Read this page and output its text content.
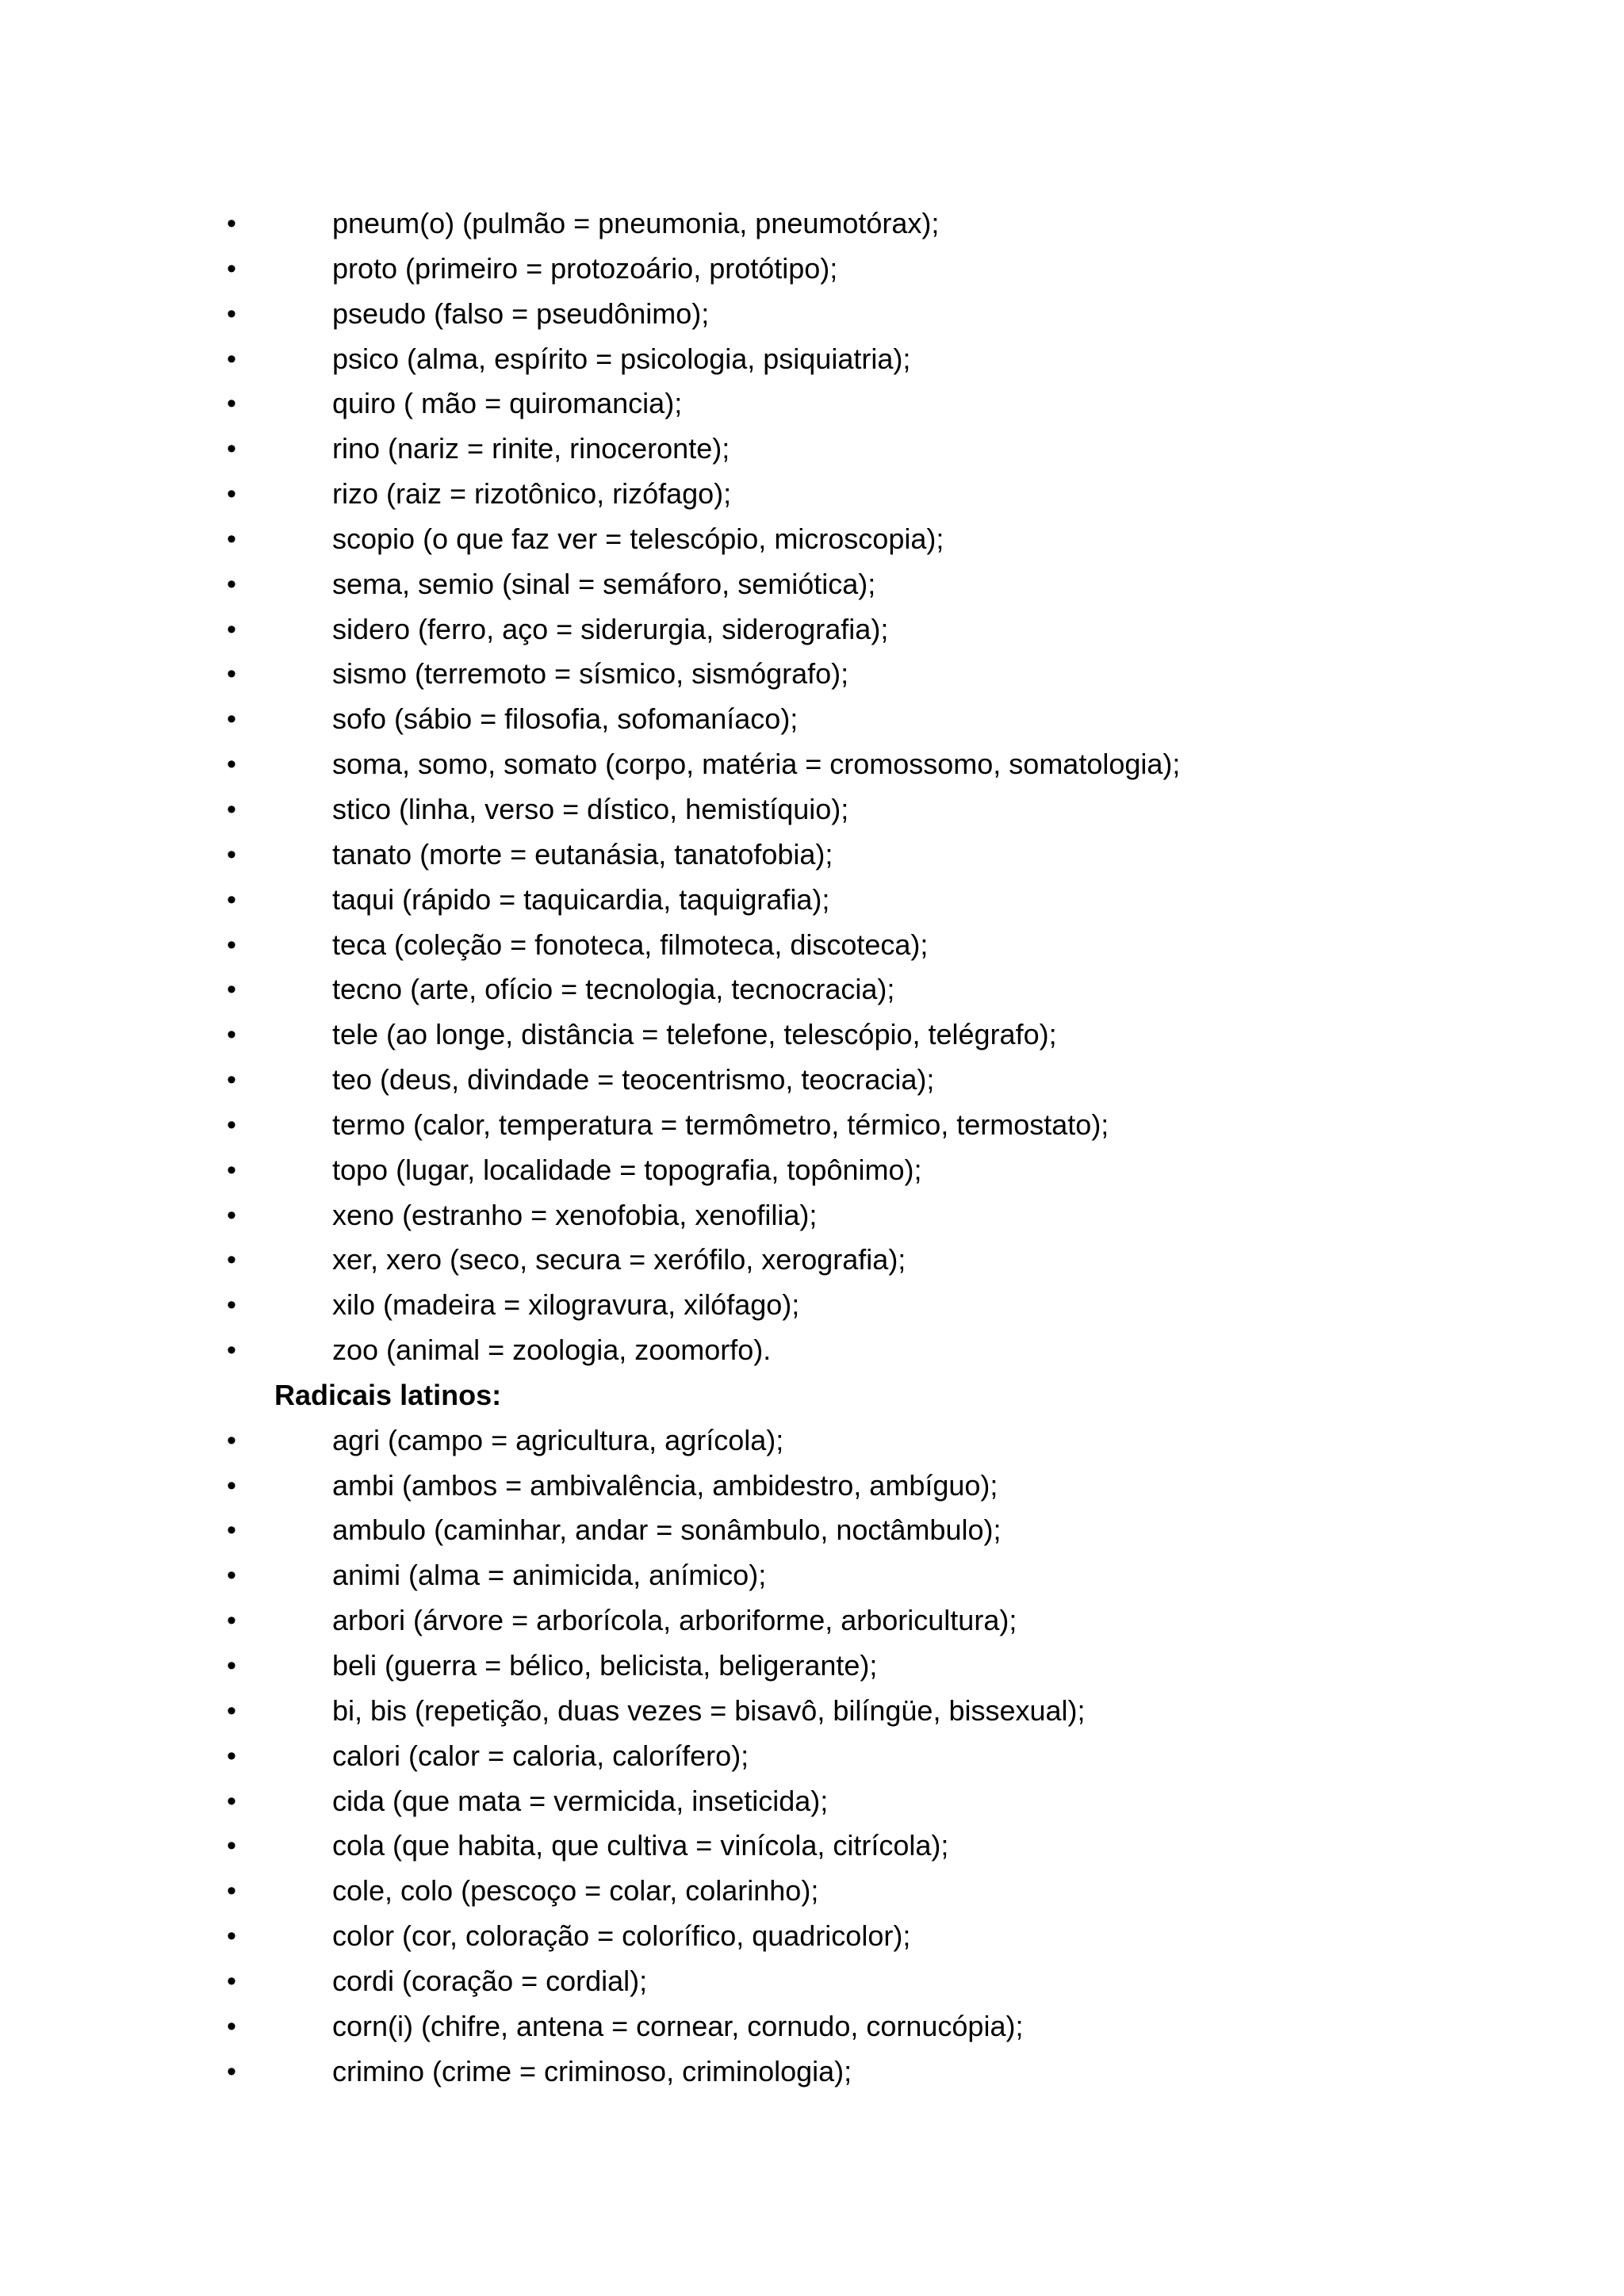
•	pneum(o) (pulmão = pneumonia, pneumotórax);
•	proto (primeiro = protozoário, protótipo);
•	pseudo (falso = pseudônimo);
•	psico (alma, espírito = psicologia, psiquiatria);
•	quiro ( mão = quiromancia);
•	rino (nariz = rinite, rinoceronte);
•	rizo (raiz = rizotônico, rizófago);
•	scopio (o que faz ver = telescópio, microscopia);
•	sema, semio (sinal = semáforo, semiótica);
•	sidero (ferro, aço = siderurgia, siderografia);
•	sismo (terremoto = sísmico, sismógrafo);
•	sofo (sábio = filosofia, sofomaníaco);
•	soma, somo, somato (corpo, matéria = cromossomo, somatologia);
•	stico (linha, verso = dístico, hemistíquio);
•	tanato (morte = eutanásia, tanatofobia);
•	taqui (rápido = taquicardia, taquigrafia);
•	teca (coleção = fonoteca, filmoteca, discoteca);
•	tecno (arte, ofício = tecnologia, tecnocracia);
•	tele (ao longe, distância = telefone, telescópio, telégrafo);
•	teo (deus, divindade = teocentrismo, teocracia);
•	termo (calor, temperatura = termômetro, térmico, termostato);
•	topo (lugar, localidade = topografia, topônimo);
•	xeno (estranho = xenofobia, xenofilia);
•	xer, xero (seco, secura = xerófilo, xerografia);
•	xilo (madeira = xilogravura, xilófago);
•	zoo (animal = zoologia, zoomorfo).
Radicais latinos:
•	agri (campo = agricultura, agrícola);
•	ambi (ambos = ambivalência, ambidestro, ambíguo);
•	ambulo (caminhar, andar = sonâmbulo, noctâmbulo);
•	animi (alma = animicida, anímico);
•	arbori (árvore = arborícola, arboriforme, arboricultura);
•	beli (guerra = bélico, belicista, beligerante);
•	bi, bis (repetição, duas vezes = bisavô, bilíngüe, bissexual);
•	calori (calor = caloria, calorífero);
•	cida (que mata = vermicida, inseticida);
•	cola (que habita, que cultiva = vinícola, citrícola);
•	cole, colo (pescoço = colar, colarinho);
•	color (cor, coloração = colorífico, quadricolor);
•	cordi (coração = cordial);
•	corn(i) (chifre, antena = cornear, cornudo, cornucópia);
•	crimino (crime = criminoso, criminologia);
